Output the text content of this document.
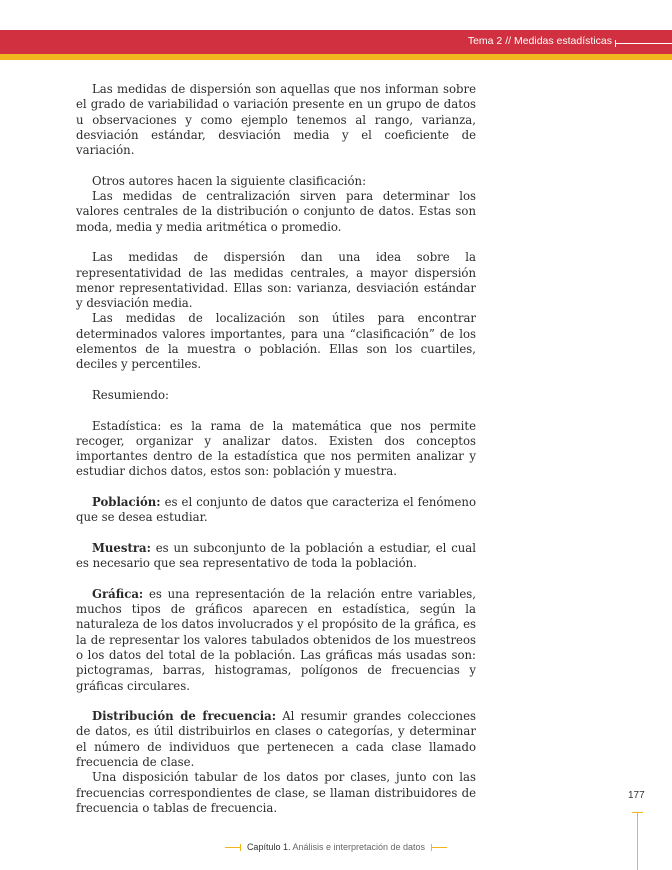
Tema 2 // Medidas estadísticas

Las medidas de dispersión son aquellas que nos informan sobre el grado de variabilidad o variación presente en un grupo de datos u observaciones y como ejemplo tenemos al rango, varianza, desviación estándar, desviación media y el coeficiente de variación.

Otros autores hacen la siguiente clasificación:

Las medidas de centralización sirven para determinar los valores centrales de la distribución o conjunto de datos. Estas son moda, media y media aritmética o promedio.

Las medidas de dispersión dan una idea sobre la representatividad de las medidas centrales, a mayor dispersión menor representatividad. Ellas son: varianza, desviación estándar y desviación media.

Las medidas de localización son útiles para encontrar determinados valores importantes, para una “clasificación” de los elementos de la muestra o población. Ellas son los cuartiles, deciles y percentiles.

Resumiendo:

Estadística: es la rama de la matemática que nos permite recoger, organizar y analizar datos. Existen dos conceptos importantes dentro de la estadística que nos permiten analizar y estudiar dichos datos, estos son: población y muestra.

Población: es el conjunto de datos que caracteriza el fenómeno que se desea estudiar.

Muestra: es un subconjunto de la población a estudiar, el cual es necesario que sea representativo de toda la población.

Gráfica: es una representación de la relación entre variables, muchos tipos de gráficos aparecen en estadística, según la naturaleza de los datos involucrados y el propósito de la gráfica, es la de representar los valores tabulados obtenidos de los muestreos o los datos del total de la población. Las gráficas más usadas son: pictogramas, barras, histogramas, polígonos de frecuencias y gráficas circulares.

Distribución de frecuencia: Al resumir grandes colecciones de datos, es útil distribuirlos en clases o categorías, y determinar el número de individuos que pertenecen a cada clase llamado frecuencia de clase.

Una disposición tabular de los datos por clases, junto con las frecuencias correspondientes de clase, se llaman distribuidores de frecuencia o tablas de frecuencia.

177
Capítulo 1. Análisis e interpretación de datos
